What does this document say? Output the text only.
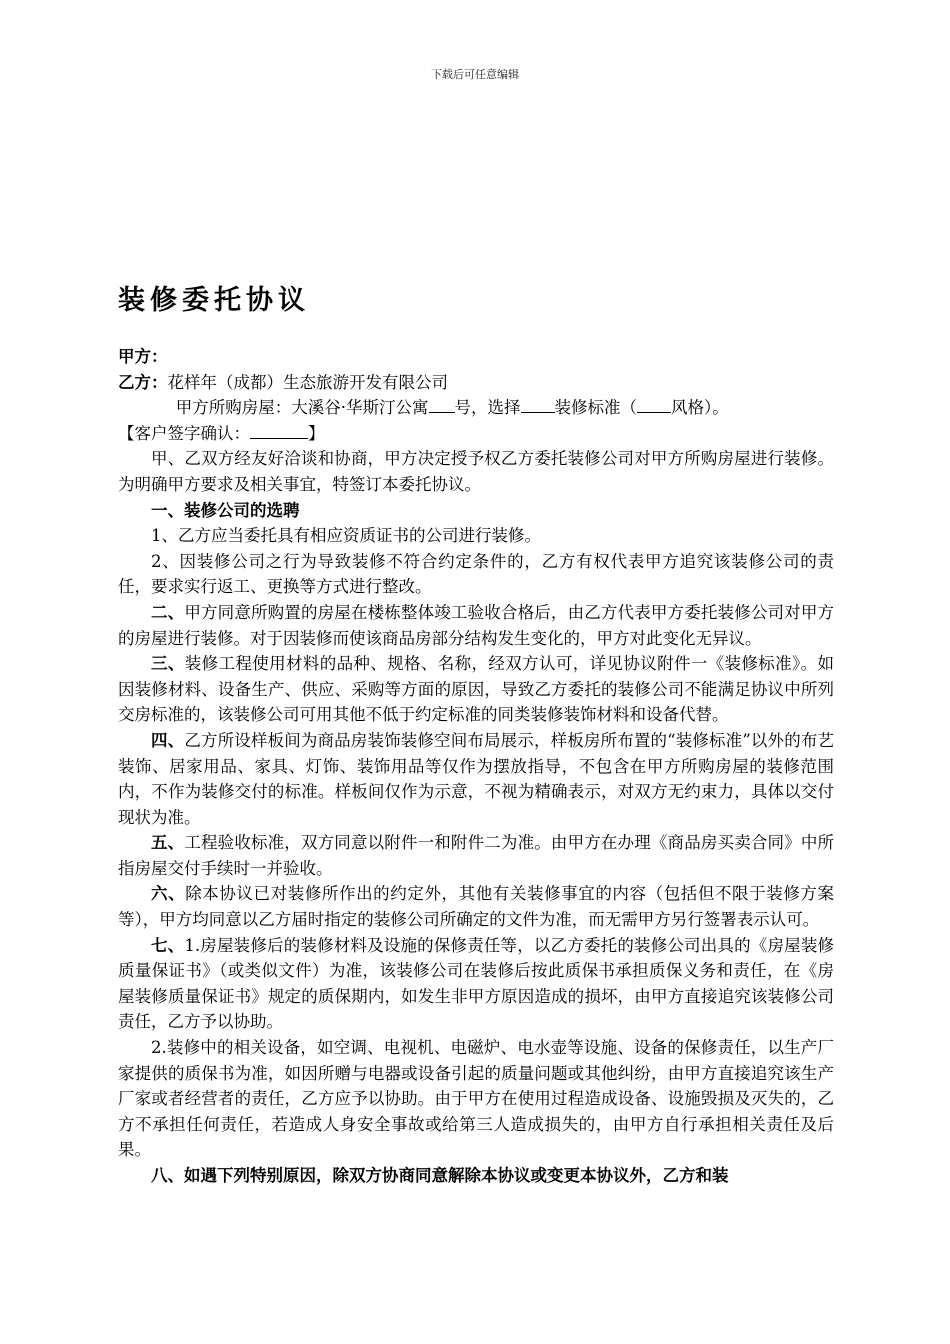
下载后可任意编辑
装修委托协议

甲方：

乙方：花样年（成都）生态旅游开发有限公司

甲方所购房屋：大溪谷·华斯汀公寓 号，选择 装修标准（ 风格）。

【客户签字确认：	】

甲、乙双方经友好洽谈和协商，甲方决定授予权乙方委托装修公司对甲方所购房屋进行装修。为明确甲方要求及相关事宜，特签订本委托协议。

一、装修公司的选聘

1、乙方应当委托具有相应资质证书的公司进行装修。

2、因装修公司之行为导致装修不符合约定条件的，乙方有权代表甲方追究该装修公司的责任，要求实行返工、更换等方式进行整改。

二、甲方同意所购置的房屋在楼栋整体竣工验收合格后，由乙方代表甲方委托装修公司对甲方的房屋进行装修。对于因装修而使该商品房部分结构发生变化的，甲方对此变化无异议。

三、装修工程使用材料的品种、规格、名称，经双方认可，详见协议附件一《装修标准》。如因装修材料、设备生产、供应、采购等方面的原因，导致乙方委托的装修公司不能满足协议中所列交房标准的，该装修公司可用其他不低于约定标准的同类装修装饰材料和设备代替。

四、乙方所设样板间为商品房装饰装修空间布局展示，样板房所布置的“装修标准”以外的布艺装饰、居家用品、家具、灯饰、装饰用品等仅作为摆放指导，不包含在甲方所购房屋的装修范围内，不作为装修交付的标准。样板间仅作为示意，不视为精确表示，对双方无约束力，具体以交付现状为准。

五、工程验收标准，双方同意以附件一和附件二为准。由甲方在办理《商品房买卖合同》中所指房屋交付手续时一并验收。

六、除本协议已对装修所作出的约定外，其他有关装修事宜的内容（包括但不限于装修方案等），甲方均同意以乙方届时指定的装修公司所确定的文件为准，而无需甲方另行签署表示认可。

七、1.房屋装修后的装修材料及设施的保修责任等，以乙方委托的装修公司出具的《房屋装修质量保证书》（或类似文件）为准，该装修公司在装修后按此质保书承担质保义务和责任，在《房屋装修质量保证书》规定的质保期内，如发生非甲方原因造成的损坏，由甲方直接追究该装修公司责任，乙方予以协助。

2.装修中的相关设备，如空调、电视机、电磁炉、电水壶等设施、设备的保修责任，以生产厂家提供的质保书为准，如因所赠与电器或设备引起的质量问题或其他纠纷，由甲方直接追究该生产厂家或者经营者的责任，乙方应予以协助。由于甲方在使用过程造成设备、设施毁损及灭失的，乙方不承担任何责任，若造成人身安全事故或给第三人造成损失的，由甲方自行承担相关责任及后果。

八、如遇下列特别原因，除双方协商同意解除本协议或变更本协议外，乙方和装
